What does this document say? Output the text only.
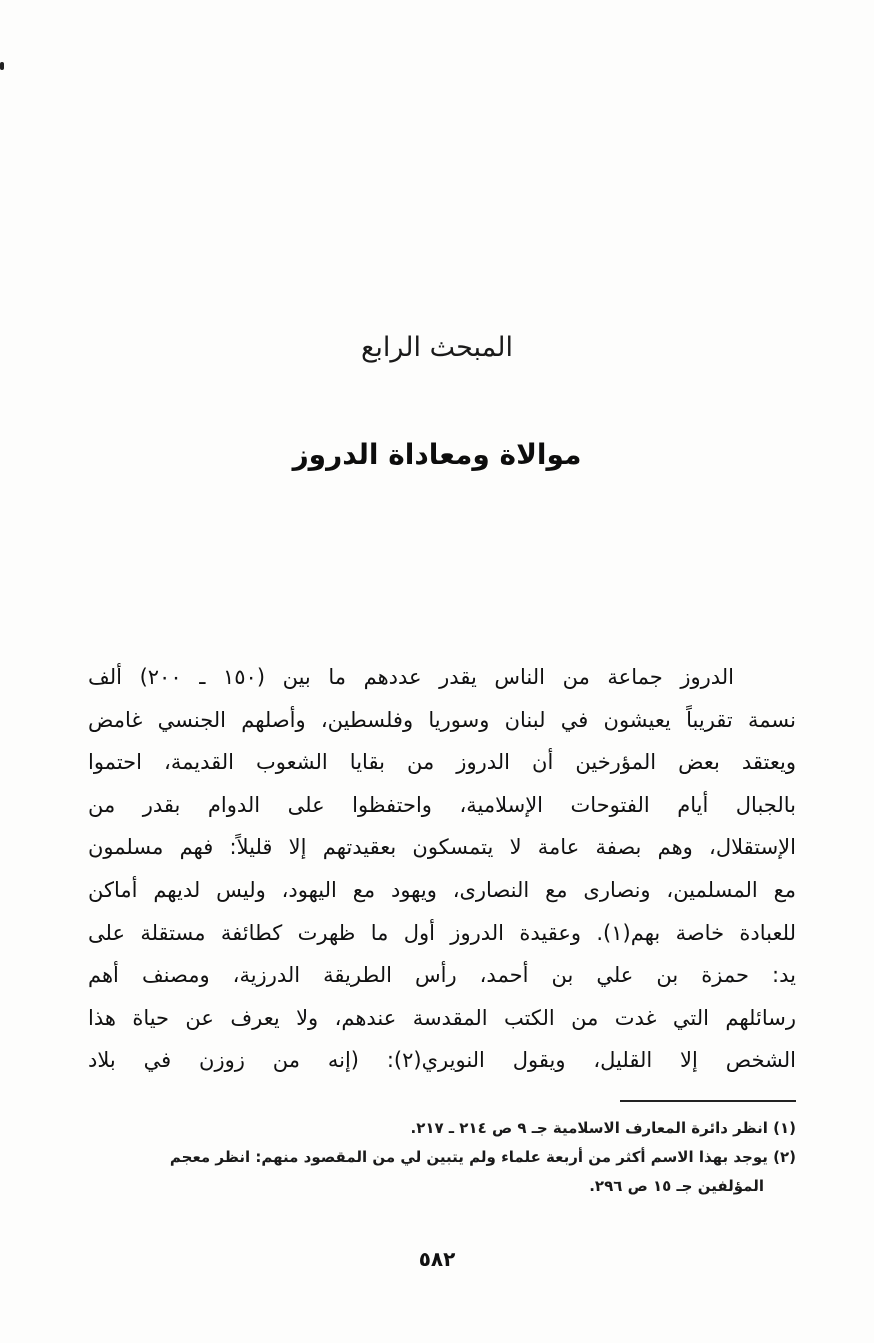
المبحث الرابع
موالاة ومعاداة الدروز
الدروز جماعة من الناس يقدر عددهم ما بين (١٥٠ ـ ٢٠٠) ألف
نسمة تقريباً يعيشون في لبنان وسوريا وفلسطين، وأصلهم الجنسي غامض
ويعتقد بعض المؤرخين أن الدروز من بقايا الشعوب القديمة، احتموا
بالجبال أيام الفتوحات الإسلامية، واحتفظوا على الدوام بقدر من
الإستقلال، وهم بصفة عامة لا يتمسكون بعقيدتهم إلا قليلاً: فهم مسلمون
مع المسلمين، ونصارى مع النصارى، ويهود مع اليهود، وليس لديهم أماكن
للعبادة خاصة بهم(١). وعقيدة الدروز أول ما ظهرت كطائفة مستقلة على
يد: حمزة بن علي بن أحمد، رأس الطريقة الدرزية، ومصنف أهم
رسائلهم التي غدت من الكتب المقدسة عندهم، ولا يعرف عن حياة هذا
الشخص إلا القليل، ويقول النويري(٢): (إنه من زوزن في بلاد
(١) انظر دائرة المعارف الاسلامية جـ ٩ ص ٢١٤ ـ ٢١٧.
(٢) يوجد بهذا الاسم أكثر من أربعة علماء ولم يتبين لي من المقصود منهم: انظر معجم
المؤلفين جـ ١٥ ص ٢٩٦.
٥٨٢
